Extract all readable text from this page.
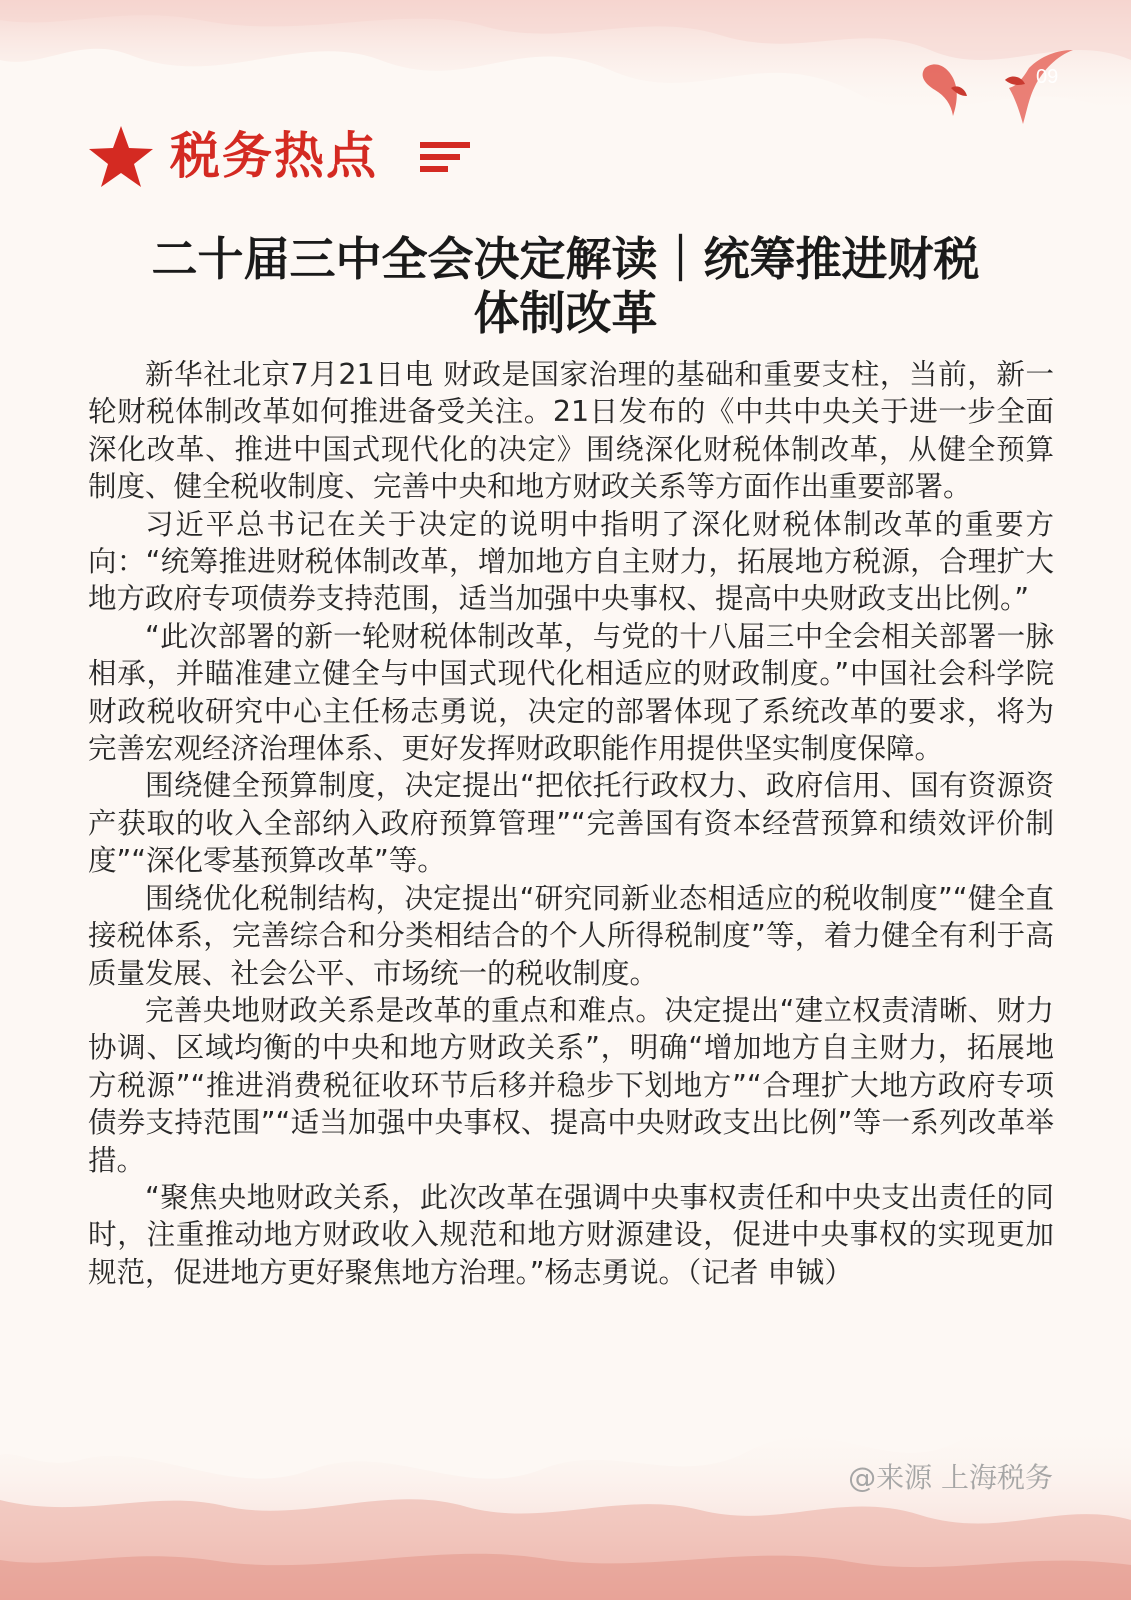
09
税务热点
二十届三中全会决定解读｜统筹推进财税
体制改革

新华社北京7月21日电 财政是国家治理的基础和重要支柱，当前，新一轮财税体制改革如何推进备受关注。21日发布的《中共中央关于进一步全面深化改革、推进中国式现代化的决定》围绕深化财税体制改革，从健全预算制度、健全税收制度、完善中央和地方财政关系等方面作出重要部署。

习近平总书记在关于决定的说明中指明了深化财税体制改革的重要方向：“统筹推进财税体制改革，增加地方自主财力，拓展地方税源，合理扩大地方政府专项债券支持范围，适当加强中央事权、提高中央财政支出比例。”

“此次部署的新一轮财税体制改革，与党的十八届三中全会相关部署一脉相承，并瞄准建立健全与中国式现代化相适应的财政制度。”中国社会科学院财政税收研究中心主任杨志勇说，决定的部署体现了系统改革的要求，将为完善宏观经济治理体系、更好发挥财政职能作用提供坚实制度保障。

围绕健全预算制度，决定提出“把依托行政权力、政府信用、国有资源资产获取的收入全部纳入政府预算管理”“完善国有资本经营预算和绩效评价制度”“深化零基预算改革”等。

围绕优化税制结构，决定提出“研究同新业态相适应的税收制度”“健全直接税体系，完善综合和分类相结合的个人所得税制度”等，着力健全有利于高质量发展、社会公平、市场统一的税收制度。

完善央地财政关系是改革的重点和难点。决定提出“建立权责清晰、财力协调、区域均衡的中央和地方财政关系”，明确“增加地方自主财力，拓展地方税源”“推进消费税征收环节后移并稳步下划地方”“合理扩大地方政府专项债券支持范围”“适当加强中央事权、提高中央财政支出比例”等一系列改革举措。

“聚焦央地财政关系，此次改革在强调中央事权责任和中央支出责任的同时，注重推动地方财政收入规范和地方财源建设，促进中央事权的实现更加规范，促进地方更好聚焦地方治理。”杨志勇说。（记者 申铖）

@来源 上海税务
